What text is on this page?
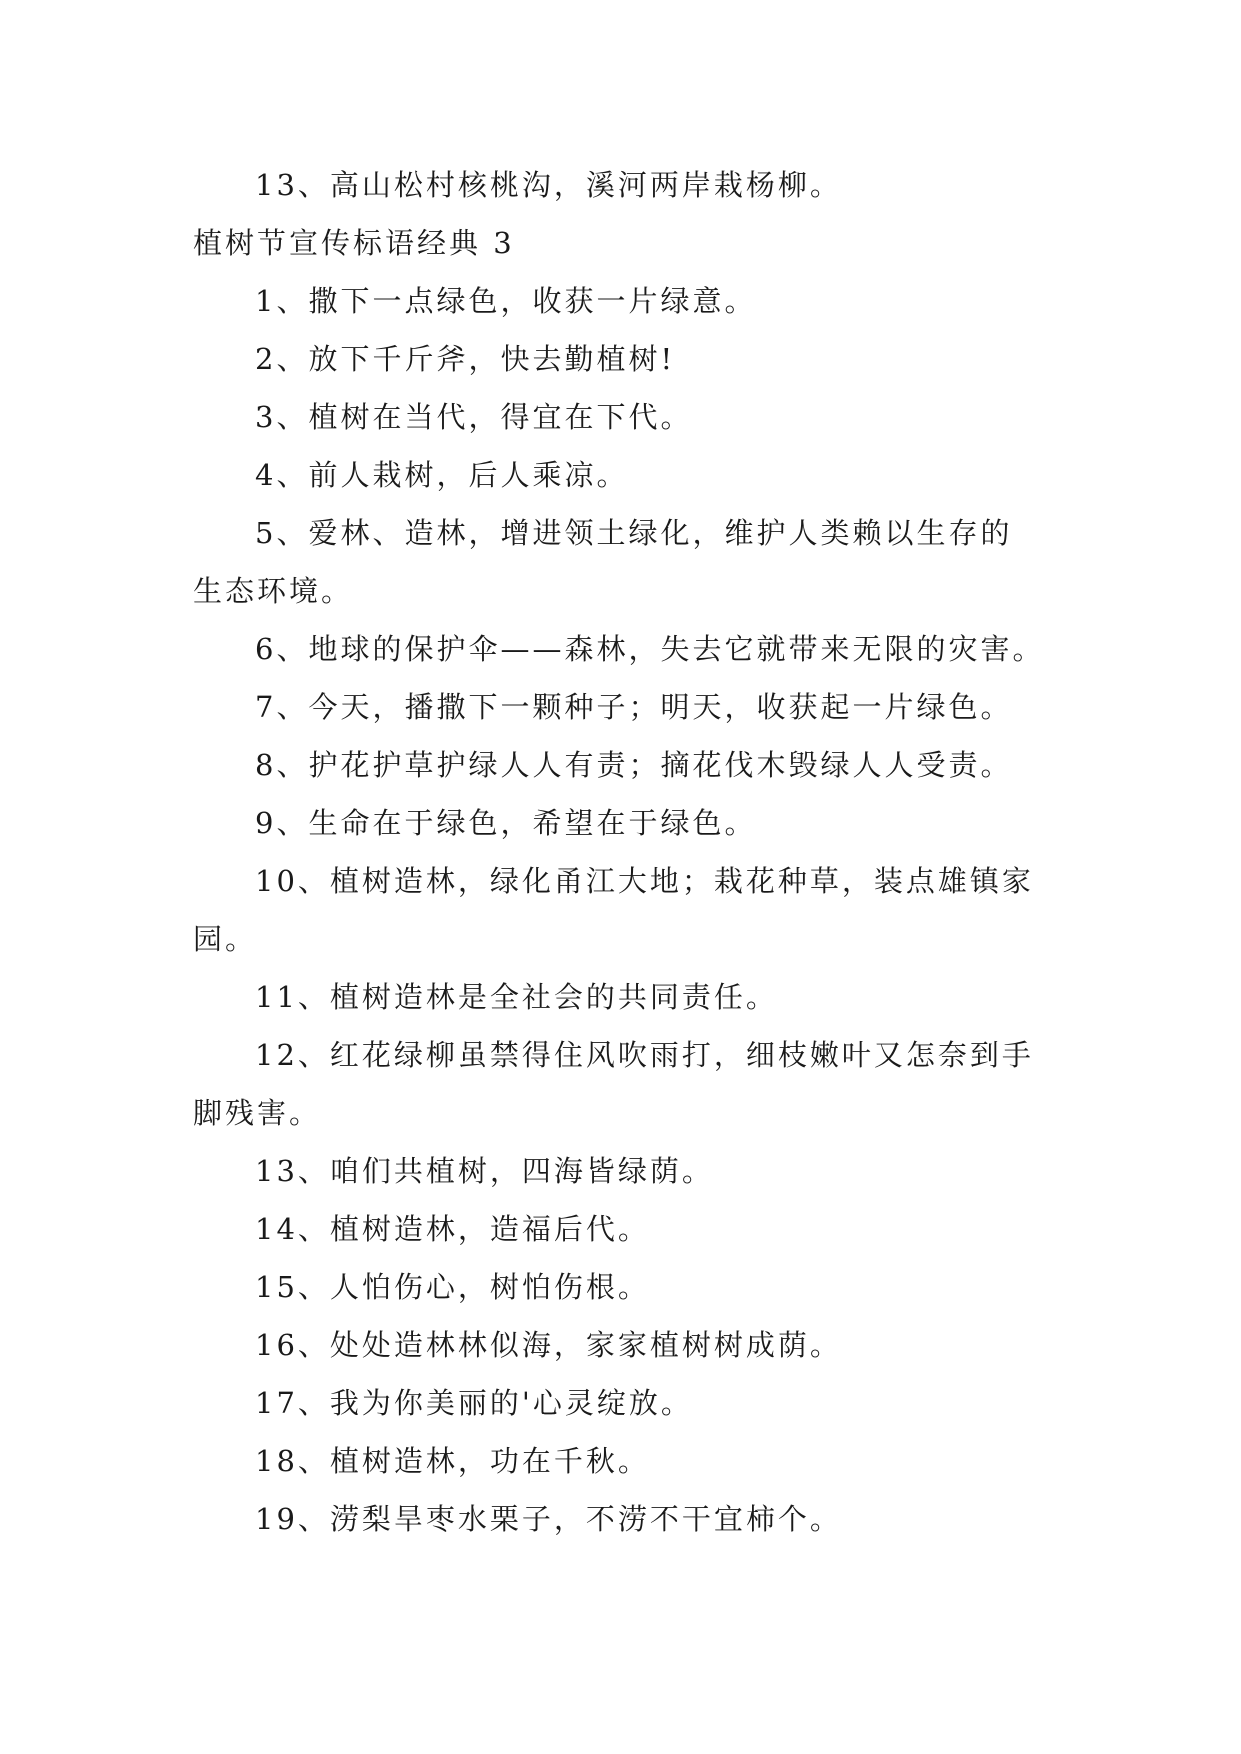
13、高山松村核桃沟，溪河两岸栽杨柳。
植树节宣传标语经典 3
1、撒下一点绿色，收获一片绿意。
2、放下千斤斧，快去勤植树!
3、植树在当代，得宜在下代。
4、前人栽树，后人乘凉。
5、爱林、造林，增进领土绿化，维护人类赖以生存的
生态环境。
6、地球的保护伞——森林，失去它就带来无限的灾害。
7、今天，播撒下一颗种子；明天，收获起一片绿色。
8、护花护草护绿人人有责；摘花伐木毁绿人人受责。
9、生命在于绿色，希望在于绿色。
10、植树造林，绿化甬江大地；栽花种草，装点雄镇家
园。
11、植树造林是全社会的共同责任。
12、红花绿柳虽禁得住风吹雨打，细枝嫩叶又怎奈到手
脚残害。
13、咱们共植树，四海皆绿荫。
14、植树造林，造福后代。
15、人怕伤心，树怕伤根。
16、处处造林林似海，家家植树树成荫。
17、我为你美丽的'心灵绽放。
18、植树造林，功在千秋。
19、涝梨旱枣水栗子，不涝不干宜柿个。
